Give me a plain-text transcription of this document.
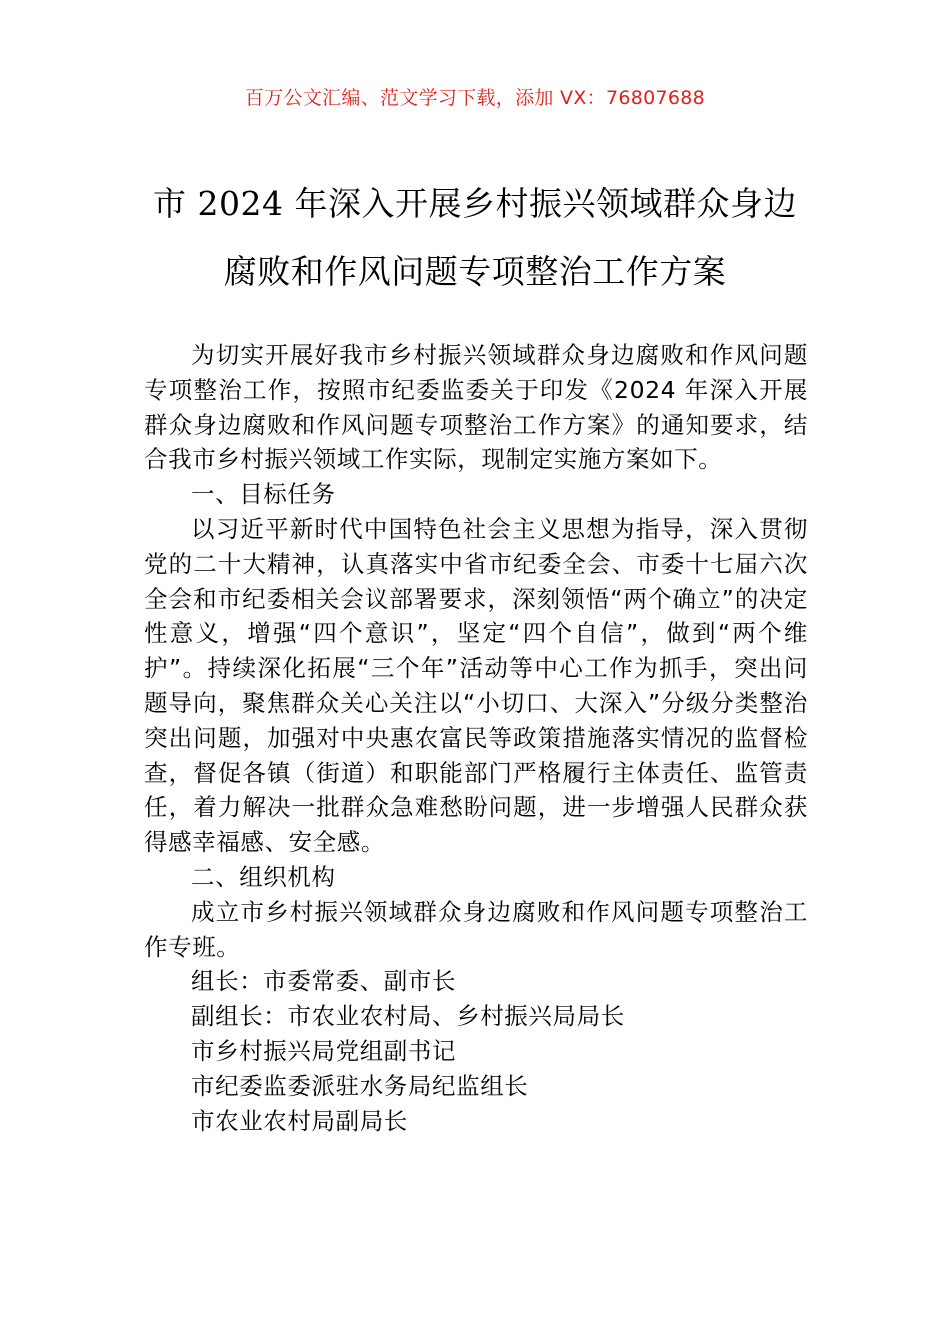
百万公文汇编、范文学习下载，添加 VX：76807688
市 2024 年深入开展乡村振兴领域群众身边
腐败和作风问题专项整治工作方案

为切实开展好我市乡村振兴领域群众身边腐败和作风问题专项整治工作，按照市纪委监委关于印发《2024 年深入开展群众身边腐败和作风问题专项整治工作方案》的通知要求，结合我市乡村振兴领域工作实际，现制定实施方案如下。

一、目标任务

以习近平新时代中国特色社会主义思想为指导，深入贯彻党的二十大精神，认真落实中省市纪委全会、市委十七届六次全会和市纪委相关会议部署要求，深刻领悟“两个确立”的决定性意义，增强“四个意识”，坚定“四个自信”，做到“两个维护”。持续深化拓展“三个年”活动等中心工作为抓手，突出问题导向，聚焦群众关心关注以“小切口、大深入”分级分类整治突出问题，加强对中央惠农富民等政策措施落实情况的监督检查，督促各镇（街道）和职能部门严格履行主体责任、监管责任，着力解决一批群众急难愁盼问题，进一步增强人民群众获得感幸福感、安全感。

二、组织机构

成立市乡村振兴领域群众身边腐败和作风问题专项整治工作专班。

组长：市委常委、副市长

副组长：市农业农村局、乡村振兴局局长

市乡村振兴局党组副书记

市纪委监委派驻水务局纪监组长

市农业农村局副局长
